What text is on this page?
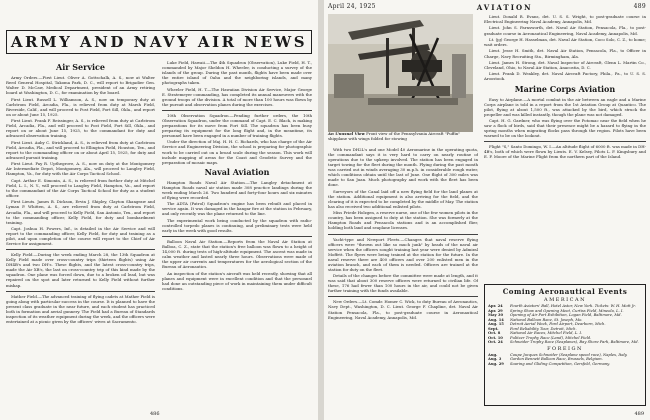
ARMY AND NAVY AIR NEWS
Air Service

Army Orders.—First Lieut. Oliver A. Gottschalk, A. S., now at Walter Reed General Hospital, Takoma Park, D. C., will report to Brigadier Gen. Walter D. McCaw, Medical Department, president of an Army retiring board at Washington, D. C., for examination by the board.

First Lieut. Russell L. Williamson, A. S., now on temporary duty at Carlstrom Field, Arcadia, Fla., is relieved from duty at Marsh Field, Riverside, Calif., and will proceed to Post Field, Fort Sill, Okla., and report on or about June 15, 1925.

First Lieut. Frank F. Reissinger, A. S., is relieved from duty at Carlstrom Field, Arcadia, Fla., and will proceed to Post Field, Fort Sill, Okla., and report on or about June 15, 1925, to the commandant for duty and advanced observation training.

First Lieut. Auby C. Strickland, A. S., is relieved from duty at Carlstrom Field, Arcadia, Fla., and will proceed to Ellington Field, Houston, Tex., and report to the commanding officer on or about April 15, 1925, for duty and advanced pursuit training.

First Lieut. Fay R. Upthegrove, A. S., now on duty at the Montgomery Air Intermediate Depot, Montgomery, Ala., will proceed to Langley Field, Hampton, Va., for duty with the Air Corps Tactical School.

Capt. Arthur E. Simonin, A. S., is relieved from further duty at Mitchel Field, L. I., N. Y., will proceed to Langley Field, Hampton, Va., and report to the commandant of the Air Corps Tactical School for duty as a student officer.

First Lieuts. James B. Dickson, Ervin J. Shipley, Clayton Shangraw and Lyman P. Whitten, A. S., are relieved from duty at Carlstrom Field, Arcadia, Fla., and will proceed to Kelly Field, San Antonio, Tex., and report to the commanding officer, Kelly Field, for duty and bombardment training.

Capt. Joshua H. Powers, Inf., is detailed in the Air Service and will report to the commanding officer, Kelly Field, for duty and training as a pilot, and upon completion of the course will report to the Chief of Air Service for assignment.

Kelly Field.—During the week ending March 28, the 13th Squadron at Kelly Field made over cross-country trips (thirteen flights) using Air DH4B's and two DH's. These flights, and the latest cross-country trips, made the Air XB's, the last on cross-country trip of this kind made by the squadron. One plane was forced down, due to a broken oil lead, but was repaired on the spot and later returned to Kelly Field without further mishap.

Mather Field.—The advanced training of flying cadets at Mather Field is going along with particular success in the course. It is planned to have the present class graduate in the near future, and each student has practiced both in formation and aerial gunnery. The Field had a Bureau of Standards inspection of its weather equipment during the week, and the officers were entertained at a picnic given by the officers' wives at Sacramento.

Luke Field, Hawaii.—The 4th Squadron (Observation), Luke Field, H. T., commanded by Major Sheldon H. Wheeler, is conducting a survey of the islands of the group. During the past month, flights have been made over the entire island of Oahu and the neighboring islands, and many photographs taken.

Wheeler Field, H. T.—The Hawaiian Division Air Service, Major George E. Stratemeyer commanding, has completed its annual maneuvers with the ground troops of the division. A total of more than 100 hours was flown by the pursuit and observation planes during the exercises.

10th Observation Squadron.—Pending further orders, the 10th Observation Squadron, under the command of Capt. E. C. Black, is making preparations for its move from Fort Sill. The squadron has been busy preparing its equipment for the long flight and, in the meantime, its personnel have been engaged in a number of training flights.

Under the direction of Maj. H. H. C. Richards, who has charge of the Air Service and Engineering Division, the school is preparing for photographic work to be carried out on a broad scale during the season. This work will include mapping of areas for the Coast and Geodetic Survey and the preparation of mosaic maps.

Naval Aviation

Hampton Roads Naval Air Station.—The Langley detachment at Hampton Roads naval air station made 308 practice landings during the week ending March 26. Two hundred and forty-four hours and six minutes of flying were recorded.

The ADTA (Patrol) Squadron's engine has been rebuilt and placed in service again. It was damaged in the hangar fire at the station in February, and only recently was the plane returned to the line.

The experimental work being conducted by the squadron with radio-controlled torpedo planes is continuing, and preliminary tests were held early in the week with good results.

Balloon Naval Air Station.—Reports from the Naval Air Station at Balboa, C. Z., state that the station's free balloon was flown to a height of 14,000 ft. during tests of high-altitude equipment. The ascent was made in calm weather and lasted nearly three hours. Observations were made of the upper air currents and temperatures for the aerological section of the Bureau of Aeronautics.

An inspection of the station's aircraft was held recently, showing that all planes and equipment were in excellent condition and that the personnel had done an outstanding piece of work in maintaining them under difficult conditions.

486
April 24, 1925	AVIATION	489
An Unusual View Front view of the Pennsylvania Aircraft "Puffin" shipplane with wings folded for stowing

With two DH2L's and one Model 40 Aeromarine in the operating quota, the commandant says it is very hard to carry on nearly routine of operations due to the upkeep involved. The station has been engaged in target towing for the fleet during the month. Flying during the past month was carried out in winds averaging 30 m.p.h. in considerable rough water, which conditions obtain until the last of June. One flight of 300 miles was made to San Juan. Much photography and work with the fleet has been done.

Surveyors of the Canal laid off a new flying field for the land planes at the station. Additional equipment is also arriving for the field, and the clearing of it is expected to be completed by the middle of May. The station has also received two additional enlisted pilots.

Miss Friede Holzgen, a reserve nurse, one of the few women pilots in the country, has been assigned to duty at the station. She was formerly at the Hampton Roads and Pensacola stations and is an accomplished flier, holding both land and seaplane licenses.

Yacht-type and Newport Fleets.—Changes that naval reserve flying officers were "thrown out like so much junk" by heads of the naval air service when the officers sought training last year were denied by Admiral Moffett. The flyers were being trained at the station for the future. In the naval reserve there are 400 officers and over 200 enlisted men in the aviation branch, and each of them is needed. Officers are trained at the station for duty on the fleet.

Details of the changes before the committee were made at length, and it was said that about 300 reserve officers were returned to civilian life. Of these, 176 had fewer than 100 hours in the air, and could not be given further training with the funds available.

New Orders.—Lt. Comdr. Homer C. Wick, to duty Bureau of Aeronautics, Navy Dept., Washington, D. C. Lieut. George F. Chapline, det. Naval Air Station Pensacola, Fla., to post-graduate course in Aeronautical Engineering, Naval Academy, Annapolis, Md.

Lieut. Donald R. Evans, det. U. S. S. Wright, to post-graduate course in Electrical Engineering Naval Academy, Annapolis, Md.

Lieut. John S. Farnsworth, det. Naval Air Station, Pensacola, Fla., to post-graduate course in Aeronautical Engineering, Naval Academy, Annapolis, Md.

Lt. (jg) George H. Hasselman, det. Naval Air Station, Coco Solo, C. Z., to home; wait orders.

Lieut. Jesse H. Smith, det. Naval Air Station, Pensacola, Fla., to Officer in Charge, Navy Recruiting Sta., Birmingham, Ala.

Lieut. James H. Strong, det. Naval Inspector of Aircraft, Glenn L. Martin Co., Cleveland, Ohio, to Naval Air Station, Anacostia, D. C.

Lieut. Frank D. Weakley, det. Naval Aircraft Factory, Phila., Pa., to U. S. S. Aroostook.

Marine Corps Aviation

Easy to Airplane.—A mortal combat in the air between an eagle and a Marine Corps airplane is told in a report from the 1st Aviation Group at Quantico. The pilot, flying at about 1,500 ft., was attacked by the bird, which struck the propeller and was killed instantly, though the plane was not damaged.

Capt. H. G. Gardner, who was flying over the Potomac near the field when he saw a flock of birds, said that their presence might be a hazard to flying in the spring months when migrating flocks pass through the region. Pilots have been warned to be on the lookout.

Flight "S," Santo Domingo, W. I.—An altitude flight of 6000 ft. was made in DH-4B's, both of which were flown by Lieuts. E. V. Kelsey, Pilots L. F. Kingsbury and E. F. Moore of the Marine Flight from the northern part of the Island.

Coming Aeronautical Events
AMERICAN
Apr. 24	Fourth Aviators' Ball, Hotel Astor, New York. Tickets: W. H. Mott Jr.
Apr. 29	Spring Show and Opening Meet, Curtiss Field, Mineola, L. I.
May 30	Opening of Air Port Exhibition, Logan Field, Baltimore, Md.
Aug. 14	National Balloon Race, St. Joseph, Mo.
Aug. 15	Detroit Aerial Week, Ford Airport, Dearborn, Mich.
Sept.	Ford Reliability Tour, Detroit, Mich.
Oct. 8	National Air Races, Mitchel Field, L. I.
Oct. 10	Pulitzer Trophy Race (Land), Mitchel Field.
Oct. 24	Schneider Trophy Race (Seaplanes), Bay Shore Park, Baltimore, Md.
FOREIGN
Aug.	Coupe Jacques Schneider (Seaplane speed race), Naples, Italy.
Aug. 3	Gordon Bennett Balloon Race, Brussels, Belgium.
Aug. 29	Soaring and Gliding Competition, Gersfeld, Germany.
489
